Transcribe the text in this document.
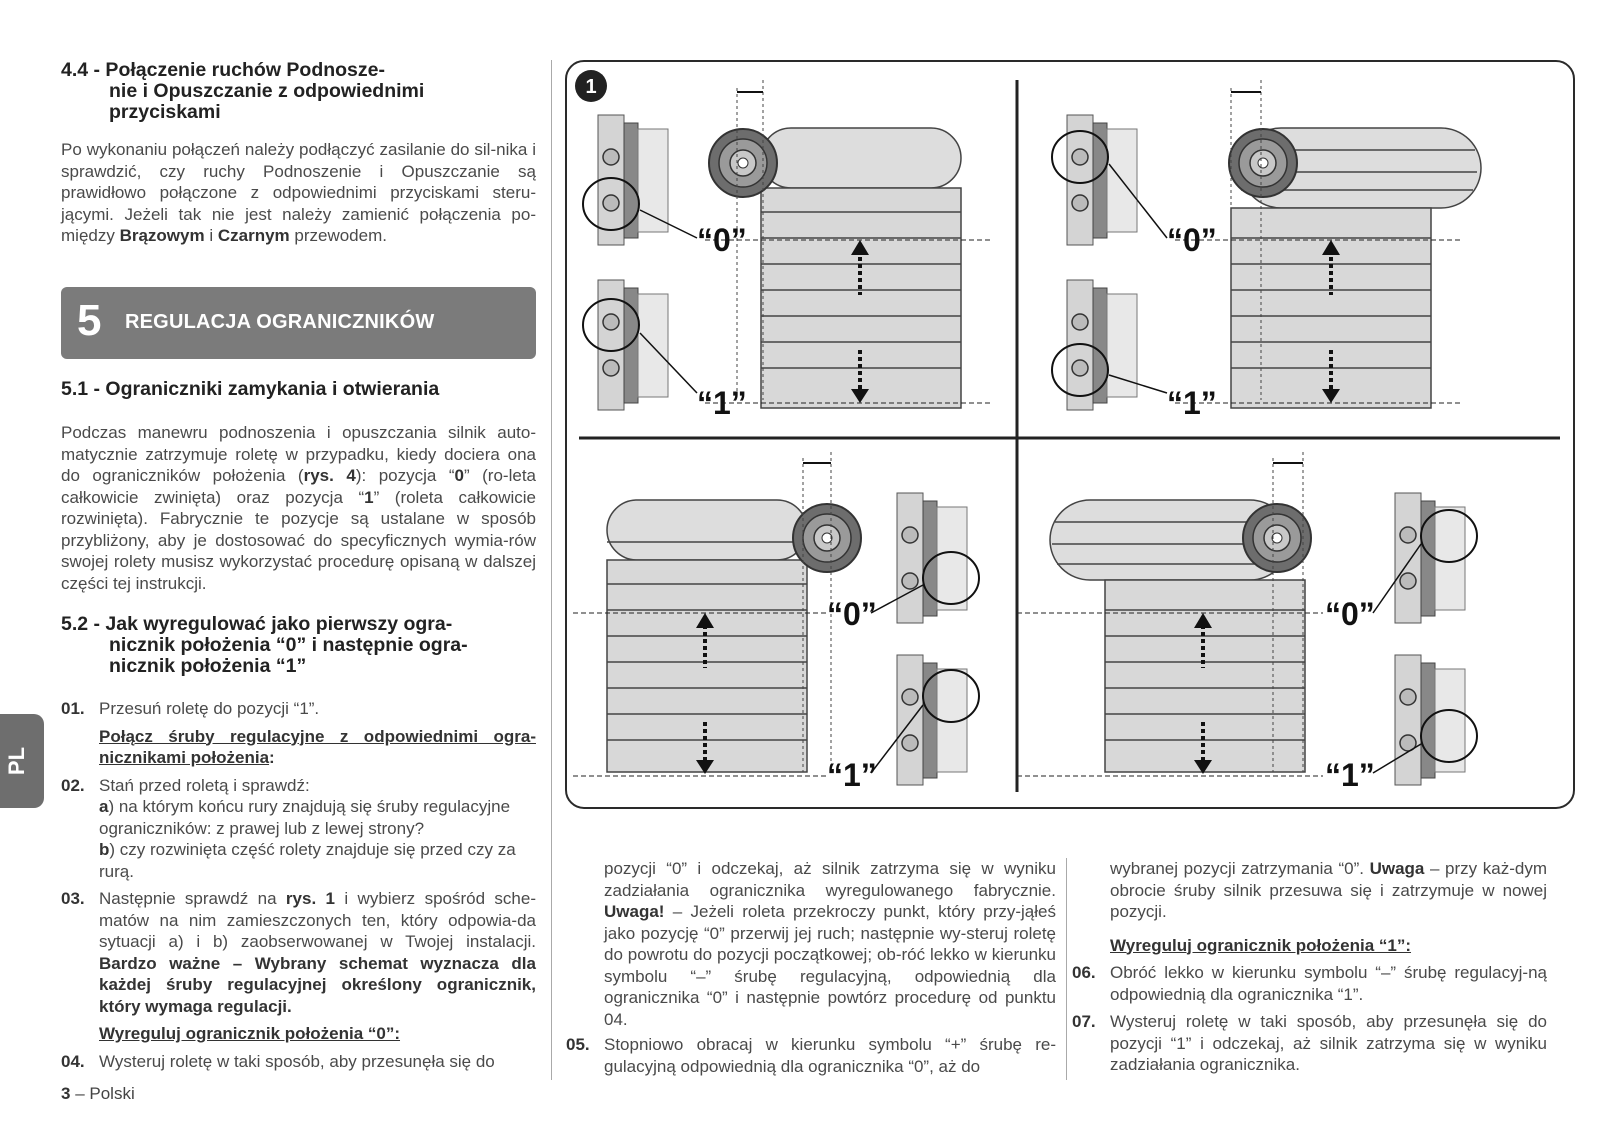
4.4 - Połączenie ruchów Podnosze-
nie i Opuszczanie z odpowiednimi
przyciskami

Po wykonaniu połączeń należy podłączyć zasilanie do sil-nika i sprawdzić, czy ruchy Podnoszenie i Opuszczanie są prawidłowo połączone z odpowiednimi przyciskami steru-jącymi. Jeżeli tak nie jest należy zamienić połączenia po-między Brązowym i Czarnym przewodem.

5 REGULACJA OGRANICZNIKÓW
5.1 - Ograniczniki zamykania i otwierania

Podczas manewru podnoszenia i opuszczania silnik auto-matycznie zatrzymuje roletę w przypadku, kiedy dociera ona do ograniczników położenia (rys. 4): pozycja “0” (ro-leta całkowicie zwinięta) oraz pozycja “1” (roleta całkowicie rozwinięta). Fabrycznie te pozycje są ustalane w sposób przybliżony, aby je dostosować do specyficznych wymia-rów swojej rolety musisz wykorzystać procedurę opisaną w dalszej części tej instrukcji.

5.2 - Jak wyregulować jako pierwszy ogra-
nicznik położenia “0” i następnie ogra-
nicznik położenia “1”
01. Przesuń roletę do pozycji “1”.
Połącz śruby regulacyjne z odpowiednimi ogra-nicznikami położenia:
02. Stań przed roletą i sprawdź:
a) na którym końcu rury znajdują się śruby regulacyjne ograniczników: z prawej lub z lewej strony?
b) czy rozwinięta część rolety znajduje się przed czy za rurą.
03. Następnie sprawdź na rys. 1 i wybierz spośród sche-matów na nim zamieszczonych ten, który odpowia-da sytuacji a) i b) zaobserwowanej w Twojej instalacji. Bardzo ważne – Wybrany schemat wyznacza dla każdej śruby regulacyjnej określony ogranicznik, który wymaga regulacji.
Wyreguluj ogranicznik położenia “0”:
04. Wysteruj roletę w taki sposób, aby przesunęła się do
3 – Polski
PL
1
“0”
“1”
“0”
“1”
“0”
“1”
“0”
“1”
pozycji “0” i odczekaj, aż silnik zatrzyma się w wyniku zadziałania ogranicznika wyregulowanego fabrycznie. Uwaga! – Jeżeli roleta przekroczy punkt, który przy-jąłeś jako pozycję “0” przerwij jej ruch; następnie wy-steruj roletę do powrotu do pozycji początkowej; ob-róć lekko w kierunku symbolu “–” śrubę regulacyjną, odpowiednią dla ogranicznika “0” i następnie powtórz procedurę od punktu 04.
05. Stopniowo obracaj w kierunku symbolu “+” śrubę re-gulacyjną odpowiednią dla ogranicznika “0”, aż do
wybranej pozycji zatrzymania “0”. Uwaga – przy każ-dym obrocie śruby silnik przesuwa się i zatrzymuje w nowej pozycji.
Wyreguluj ogranicznik położenia “1”:
06. Obróć lekko w kierunku symbolu “–” śrubę regulacyj-ną odpowiednią dla ogranicznika “1”.
07. Wysteruj roletę w taki sposób, aby przesunęła się do pozycji “1” i odczekaj, aż silnik zatrzyma się w wyniku zadziałania ogranicznika.
